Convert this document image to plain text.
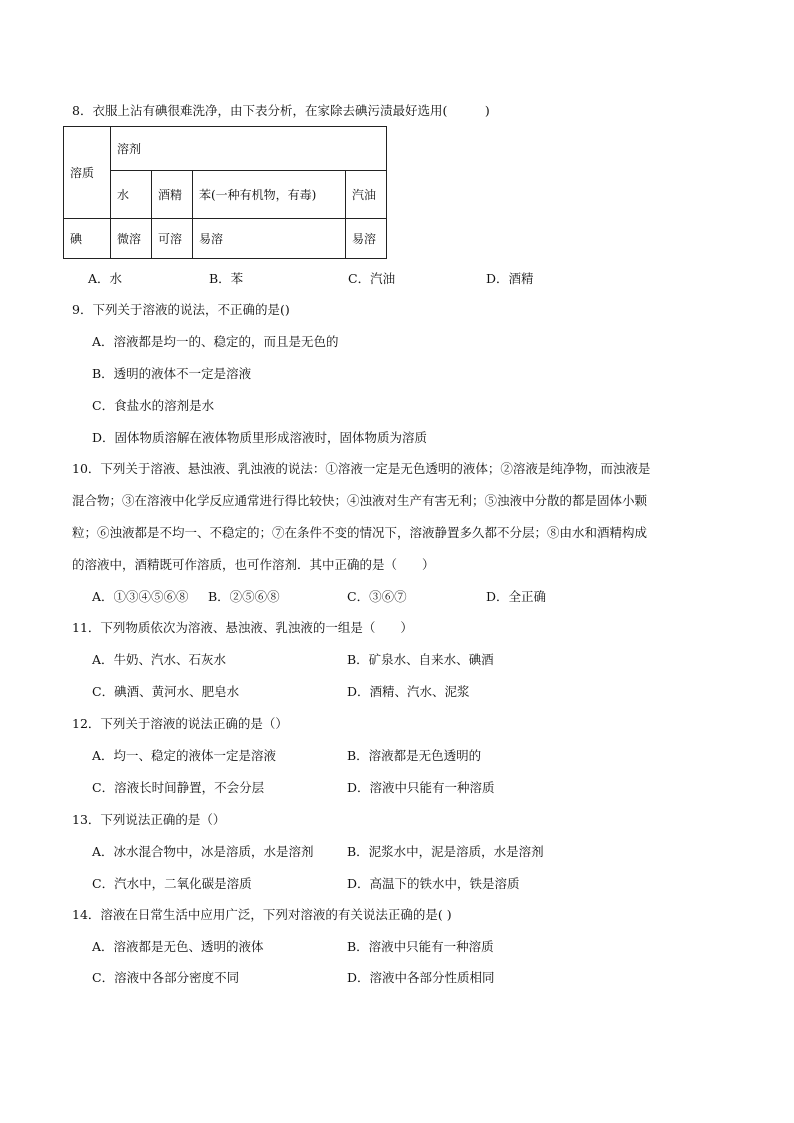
8．衣服上沾有碘很难洗净，由下表分析，在家除去碘污渍最好选用(　　　)
溶质	溶剂			
	水	酒精	苯(一种有机物，有毒)	汽油
碘	微溶	可溶	易溶	易溶
A．水	B．苯	C．汽油	D．酒精
9．下列关于溶液的说法，不正确的是()
A．溶液都是均一的、稳定的，而且是无色的
B．透明的液体不一定是溶液
C．食盐水的溶剂是水
D．固体物质溶解在液体物质里形成溶液时，固体物质为溶质
10．下列关于溶液、悬浊液、乳浊液的说法：①溶液一定是无色透明的液体；②溶液是纯净物，而浊液是
混合物；③在溶液中化学反应通常进行得比较快；④浊液对生产有害无利；⑤浊液中分散的都是固体小颗
粒；⑥浊液都是不均一、不稳定的；⑦在条件不变的情况下，溶液静置多久都不分层；⑧由水和酒精构成
的溶液中，酒精既可作溶质，也可作溶剂．其中正确的是（　　）
A．①③④⑤⑥⑧ B．②⑤⑥⑧	C．③⑥⑦	D．全正确
11．下列物质依次为溶液、悬浊液、乳浊液的一组是（　　）
A．牛奶、汽水、石灰水	B．矿泉水、自来水、碘酒
C．碘酒、黄河水、肥皂水	D．酒精、汽水、泥浆
12．下列关于溶液的说法正确的是（）
A．均一、稳定的液体一定是溶液	B．溶液都是无色透明的
C．溶液长时间静置，不会分层	D．溶液中只能有一种溶质
13．下列说法正确的是（）
A．冰水混合物中，冰是溶质，水是溶剂	B．泥浆水中，泥是溶质，水是溶剂
C．汽水中，二氧化碳是溶质	D．高温下的铁水中，铁是溶质
14．溶液在日常生活中应用广泛，下列对溶液的有关说法正确的是( )
A．溶液都是无色、透明的液体	B．溶液中只能有一种溶质
C．溶液中各部分密度不同	D．溶液中各部分性质相同
